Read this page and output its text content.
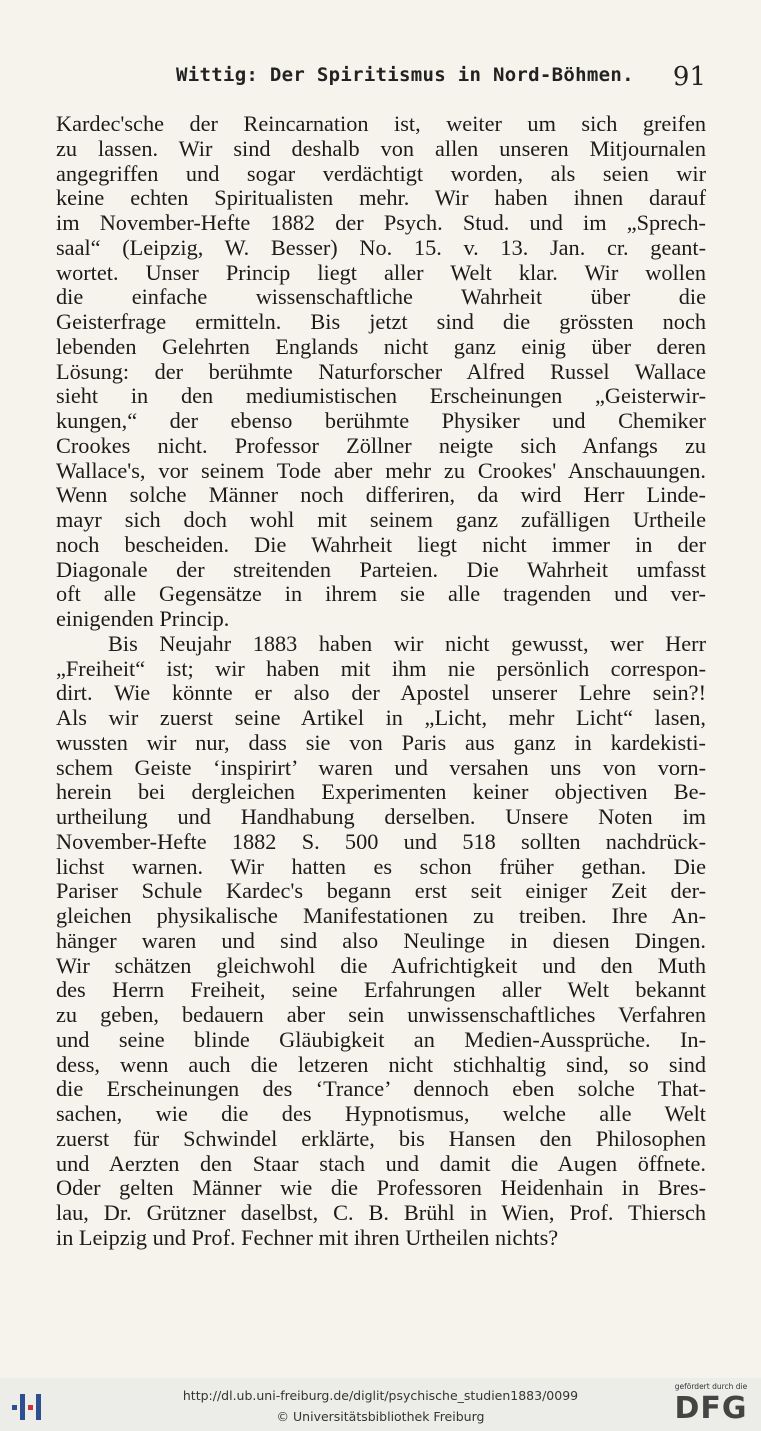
Wittig: Der Spiritismus in Nord-Böhmen. 91
Kardec'sche der Reincarnation ist, weiter um sich greifen
zu lassen. Wir sind deshalb von allen unseren Mitjournalen
angegriffen und sogar verdächtigt worden, als seien wir
keine echten Spiritualisten mehr. Wir haben ihnen darauf
im November-Hefte 1882 der Psych. Stud. und im „Sprech-
saal“ (Leipzig, W. Besser) No. 15. v. 13. Jan. cr. geant-
wortet. Unser Princip liegt aller Welt klar. Wir wollen
die einfache wissenschaftliche Wahrheit über die
Geisterfrage ermitteln. Bis jetzt sind die grössten noch
lebenden Gelehrten Englands nicht ganz einig über deren
Lösung: der berühmte Naturforscher Alfred Russel Wallace
sieht in den mediumistischen Erscheinungen „Geisterwir-
kungen,“ der ebenso berühmte Physiker und Chemiker
Crookes nicht. Professor Zöllner neigte sich Anfangs zu
Wallace's, vor seinem Tode aber mehr zu Crookes' Anschauungen.
Wenn solche Männer noch differiren, da wird Herr Linde-
mayr sich doch wohl mit seinem ganz zufälligen Urtheile
noch bescheiden. Die Wahrheit liegt nicht immer in der
Diagonale der streitenden Parteien. Die Wahrheit umfasst
oft alle Gegensätze in ihrem sie alle tragenden und ver-
einigenden Princip.
Bis Neujahr 1883 haben wir nicht gewusst, wer Herr
„Freiheit“ ist; wir haben mit ihm nie persönlich correspon-
dirt. Wie könnte er also der Apostel unserer Lehre sein?!
Als wir zuerst seine Artikel in „Licht, mehr Licht“ lasen,
wussten wir nur, dass sie von Paris aus ganz in kardekisti-
schem Geiste ‘inspirirt’ waren und versahen uns von vorn-
herein bei dergleichen Experimenten keiner objectiven Be-
urtheilung und Handhabung derselben. Unsere Noten im
November-Hefte 1882 S. 500 und 518 sollten nachdrück-
lichst warnen. Wir hatten es schon früher gethan. Die
Pariser Schule Kardec's begann erst seit einiger Zeit der-
gleichen physikalische Manifestationen zu treiben. Ihre An-
hänger waren und sind also Neulinge in diesen Dingen.
Wir schätzen gleichwohl die Aufrichtigkeit und den Muth
des Herrn Freiheit, seine Erfahrungen aller Welt bekannt
zu geben, bedauern aber sein unwissenschaftliches Verfahren
und seine blinde Gläubigkeit an Medien-Aussprüche. In-
dess, wenn auch die letzeren nicht stichhaltig sind, so sind
die Erscheinungen des ‘Trance’ dennoch eben solche That-
sachen, wie die des Hypnotismus, welche alle Welt
zuerst für Schwindel erklärte, bis Hansen den Philosophen
und Aerzten den Staar stach und damit die Augen öffnete.
Oder gelten Männer wie die Professoren Heidenhain in Bres-
lau, Dr. Grützner daselbst, C. B. Brühl in Wien, Prof. Thiersch
in Leipzig und Prof. Fechner mit ihren Urtheilen nichts?
http://dl.ub.uni-freiburg.de/diglit/psychische_studien1883/0099
© Universitätsbibliothek Freiburg
gefördert durch die
DFG
